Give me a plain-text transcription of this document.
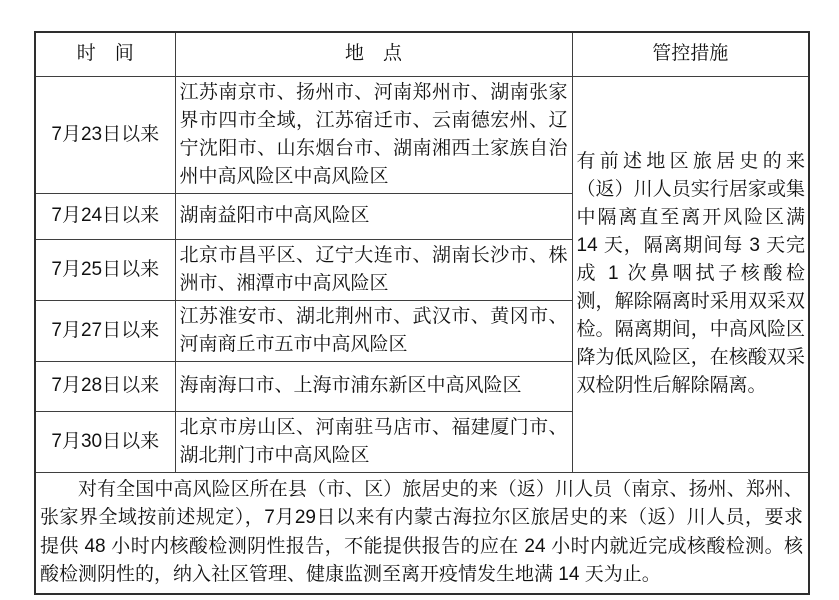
时　间	地　点	管控措施
7月23日以来	江苏南京市、扬州市、河南郑州市、湖南张家界市四市全域，江苏宿迁市、云南德宏州、辽宁沈阳市、山东烟台市、湖南湘西土家族自治州中高风险区中高风险区	有前述地区旅居史的来（返）川人员实行居家或集中隔离直至离开风险区满 14 天，隔离期间每 3 天完成 1 次鼻咽拭子核酸检测，解除隔离时采用双采双检。隔离期间，中高风险区降为低风险区，在核酸双采双检阴性后解除隔离。
7月24日以来	湖南益阳市中高风险区	
7月25日以来	北京市昌平区、辽宁大连市、湖南长沙市、株洲市、湘潭市中高风险区	
7月27日以来	江苏淮安市、湖北荆州市、武汉市、黄冈市、河南商丘市五市中高风险区	
7月28日以来	海南海口市、上海市浦东新区中高风险区	
7月30日以来	北京市房山区、河南驻马店市、福建厦门市、湖北荆门市中高风险区	

对有全国中高风险区所在县（市、区）旅居史的来（返）川人员（南京、扬州、郑州、张家界全域按前述规定），7月29日以来有内蒙古海拉尔区旅居史的来（返）川人员，要求提供 48 小时内核酸检测阴性报告，不能提供报告的应在 24 小时内就近完成核酸检测。核酸检测阴性的，纳入社区管理、健康监测至离开疫情发生地满 14 天为止。		
